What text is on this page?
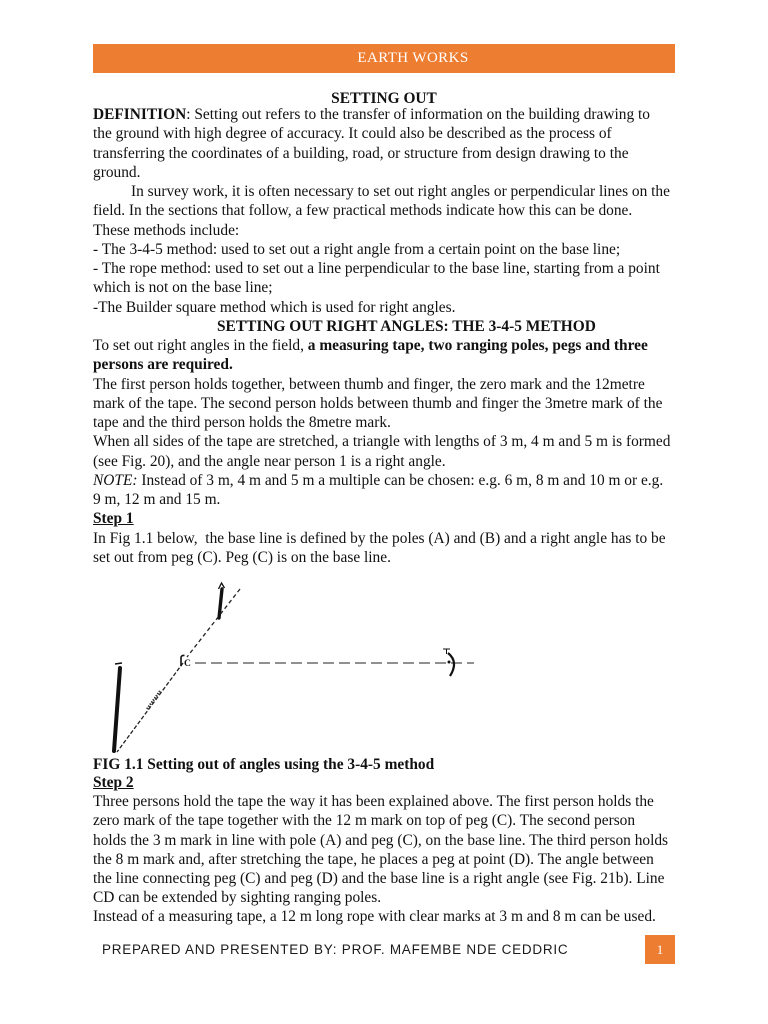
EARTH WORKS
SETTING OUT
DEFINITION: Setting out refers to the transfer of information on the building drawing to
the ground with high degree of accuracy. It could also be described as the process of
transferring the coordinates of a building, road, or structure from design drawing to the
ground.
In survey work, it is often necessary to set out right angles or perpendicular lines on the
field. In the sections that follow, a few practical methods indicate how this can be done.
These methods include:
- The 3-4-5 method: used to set out a right angle from a certain point on the base line;
- The rope method: used to set out a line perpendicular to the base line, starting from a point
which is not on the base line;
-The Builder square method which is used for right angles.
SETTING OUT RIGHT ANGLES: THE 3-4-5 METHOD
To set out right angles in the field, a measuring tape, two ranging poles, pegs and three
persons are required.
The first person holds together, between thumb and finger, the zero mark and the 12metre
mark of the tape. The second person holds between thumb and finger the 3metre mark of the
tape and the third person holds the 8metre mark.
When all sides of the tape are stretched, a triangle with lengths of 3 m, 4 m and 5 m is formed
(see Fig. 20), and the angle near person 1 is a right angle.
NOTE: Instead of 3 m, 4 m and 5 m a multiple can be chosen: e.g. 6 m, 8 m and 10 m or e.g.
9 m, 12 m and 15 m.
Step 1
In Fig 1.1 below,  the base line is defined by the poles (A) and (B) and a right angle has to be
set out from peg (C). Peg (C) is on the base line.
C
FIG 1.1 Setting out of angles using the 3-4-5 method
Step 2
Three persons hold the tape the way it has been explained above. The first person holds the
zero mark of the tape together with the 12 m mark on top of peg (C). The second person
holds the 3 m mark in line with pole (A) and peg (C), on the base line. The third person holds
the 8 m mark and, after stretching the tape, he places a peg at point (D). The angle between
the line connecting peg (C) and peg (D) and the base line is a right angle (see Fig. 21b). Line
CD can be extended by sighting ranging poles.
Instead of a measuring tape, a 12 m long rope with clear marks at 3 m and 8 m can be used.
PREPARED AND PRESENTED BY: PROF. MAFEMBE NDE CEDDRIC	1
